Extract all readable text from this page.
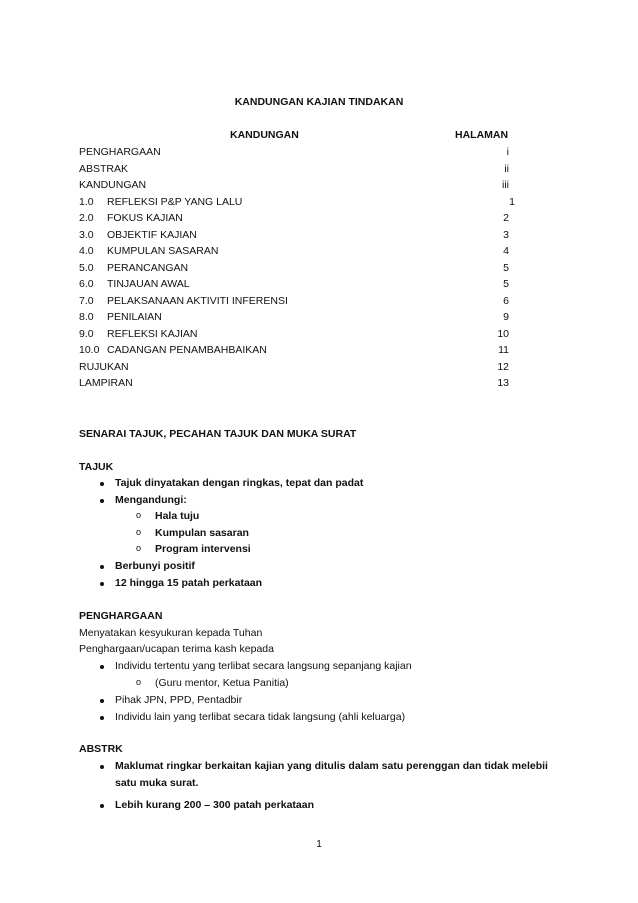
KANDUNGAN KAJIAN TINDAKAN
KANDUNGAN	HALAMAN
PENGHARGAAN	i
ABSTRAK	ii
KANDUNGAN	iii
1.0 REFLEKSI P&P YANG LALU	1
2.0 FOKUS KAJIAN	2
3.0 OBJEKTIF KAJIAN	3
4.0 KUMPULAN SASARAN	4
5.0 PERANCANGAN	5
6.0 TINJAUAN AWAL	5
7.0 PELAKSANAAN AKTIVITI INFERENSI	6
8.0 PENILAIAN	9
9.0 REFLEKSI KAJIAN	10
10.0 CADANGAN PENAMBAHBAIKAN	11
RUJUKAN	12
LAMPIRAN	13
SENARAI TAJUK, PECAHAN TAJUK DAN MUKA SURAT
TAJUK
Tajuk dinyatakan dengan ringkas, tepat dan padat
Mengandungi:
o Hala tuju
o Kumpulan sasaran
o Program intervensi
Berbunyi positif
12 hingga 15 patah perkataan
PENGHARGAAN
Menyatakan kesyukuran kepada Tuhan
Penghargaan/ucapan terima kash kepada
Individu tertentu yang terlibat secara langsung sepanjang kajian
o (Guru mentor, Ketua Panitia)
Pihak JPN, PPD, Pentadbir
Individu lain yang terlibat secara tidak langsung (ahli keluarga)
ABSTRK
Maklumat ringkar berkaitan kajian yang ditulis dalam satu perenggan dan tidak melebii
satu muka surat.
Lebih kurang 200 – 300 patah perkataan
1
